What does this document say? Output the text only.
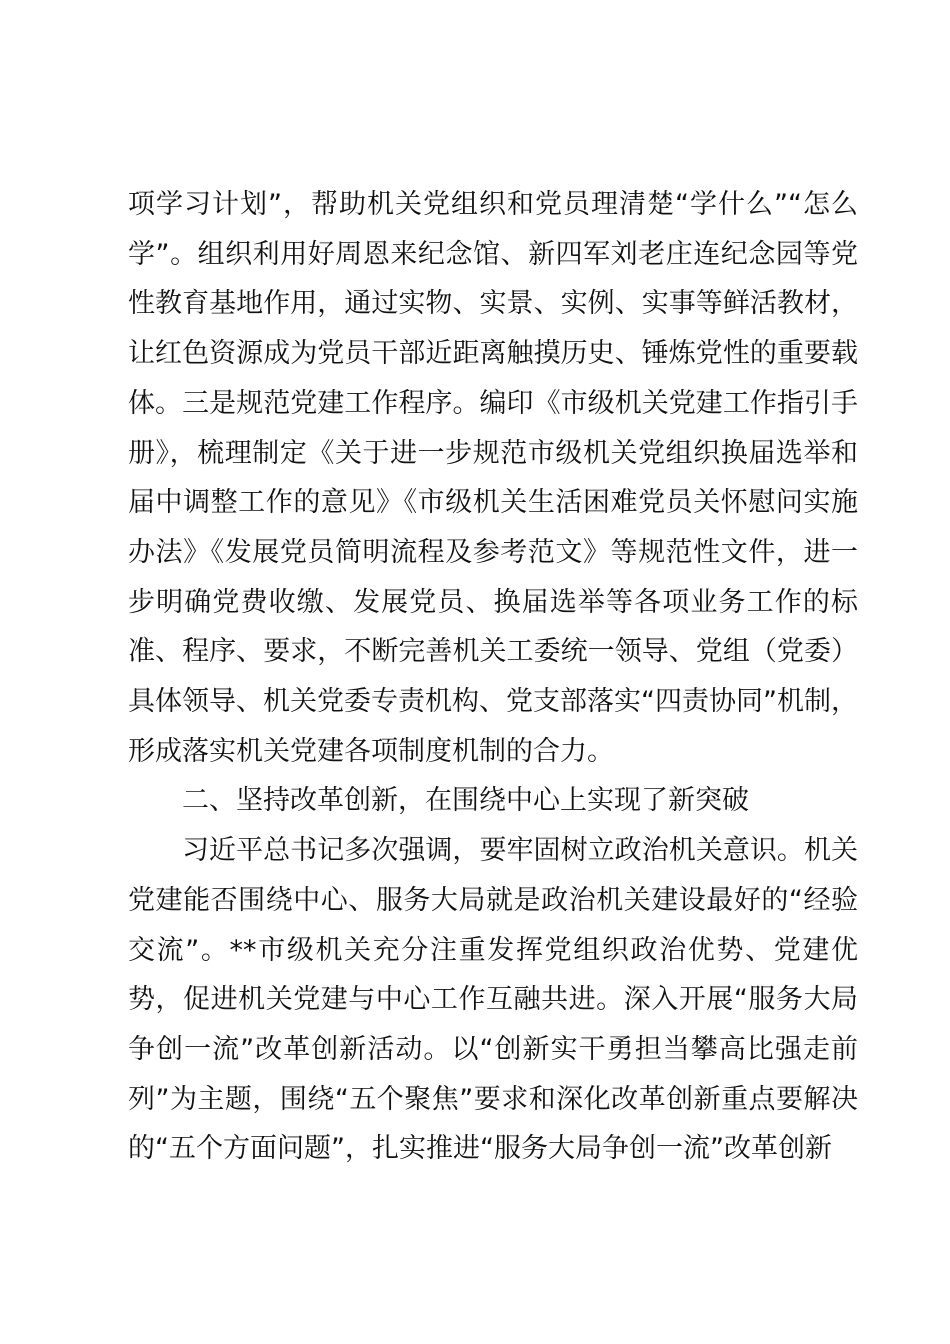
项学习计划”，帮助机关党组织和党员理清楚“学什么”“怎么学”。组织利用好周恩来纪念馆、新四军刘老庄连纪念园等党性教育基地作用，通过实物、实景、实例、实事等鲜活教材，让红色资源成为党员干部近距离触摸历史、锤炼党性的重要载体。三是规范党建工作程序。编印《市级机关党建工作指引手册》，梳理制定《关于进一步规范市级机关党组织换届选举和届中调整工作的意见》《市级机关生活困难党员关怀慰问实施办法》《发展党员简明流程及参考范文》等规范性文件，进一步明确党费收缴、发展党员、换届选举等各项业务工作的标准、程序、要求，不断完善机关工委统一领导、党组（党委）具体领导、机关党委专责机构、党支部落实“四责协同”机制，形成落实机关党建各项制度机制的合力。

二、坚持改革创新，在围绕中心上实现了新突破

习近平总书记多次强调，要牢固树立政治机关意识。机关党建能否围绕中心、服务大局就是政治机关建设最好的“经验交流”。**市级机关充分注重发挥党组织政治优势、党建优势，促进机关党建与中心工作互融共进。深入开展“服务大局争创一流”改革创新活动。以“创新实干勇担当攀高比强走前列”为主题，围绕“五个聚焦”要求和深化改革创新重点要解决的“五个方面问题”，扎实推进“服务大局争创一流”改革创新
